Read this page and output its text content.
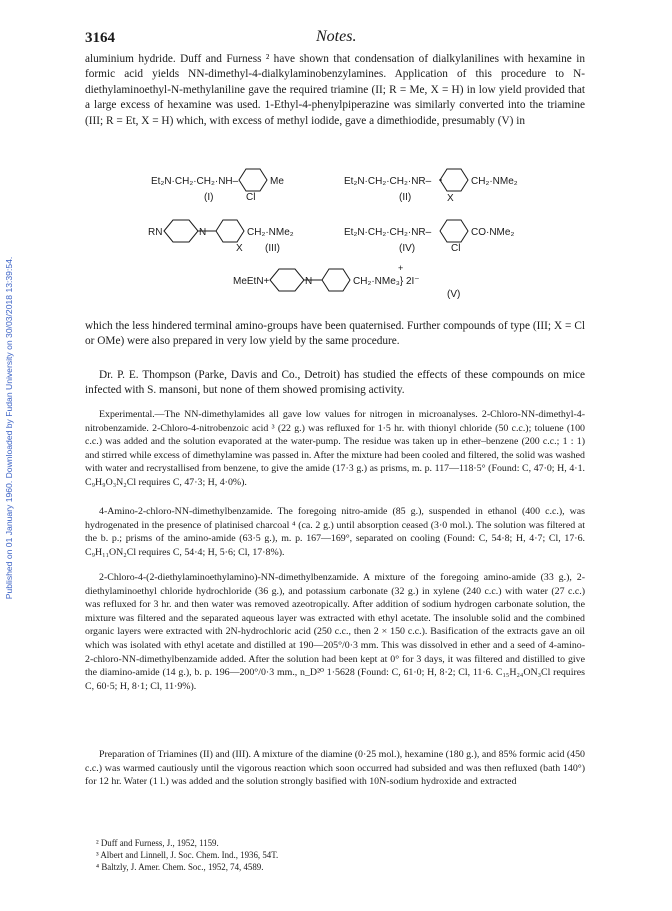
Published on 01 January 1960. Downloaded by Fudan University on 30/03/2018 13:39:54.
3164	Notes.

aluminium hydride. Duff and Furness ² have shown that condensation of dialkylanilines with hexamine in formic acid yields NN-dimethyl-4-dialkylaminobenzylamines. Application of this procedure to N-diethylaminoethyl-N-methylaniline gave the required triamine (II; R = Me, X = H) in low yield provided that a large excess of hexamine was used. 1-Ethyl-4-phenylpiperazine was similarly converted into the triamine (III; R = Et, X = H) which, with excess of methyl iodide, gave a dimethiodide, presumably (V) in

Et₂N·CH₂·CH₂·NH–	Me
Cl
(I)
Et₂N·CH₂·CH₂·NR–	CH₂·NMe₂
X
(II)
RN	N	CH₂·NMe₂
X (III)
Et₂N·CH₂·CH₂·NR–	CO·NMe₂
Cl
(IV)
MeEtN+	N	CH₂·NMe₃} 2I⁻
+
(V)

which the less hindered terminal amino-groups have been quaternised. Further compounds of type (III; X = Cl or OMe) were also prepared in very low yield by the same procedure.

Dr. P. E. Thompson (Parke, Davis and Co., Detroit) has studied the effects of these compounds on mice infected with S. mansoni, but none of them showed promising activity.

Experimental.—The NN-dimethylamides all gave low values for nitrogen in microanalyses. 2-Chloro-NN-dimethyl-4-nitrobenzamide. 2-Chloro-4-nitrobenzoic acid ³ (22 g.) was refluxed for 1·5 hr. with thionyl chloride (50 c.c.); toluene (100 c.c.) was added and the solution evaporated at the water-pump. The residue was taken up in ether–benzene (200 c.c.; 1 : 1) and stirred while excess of dimethylamine was passed in. After the mixture had been cooled and filtered, the solid was washed with water and recrystallised from benzene, to give the amide (17·3 g.) as prisms, m. p. 117—118·5° (Found: C, 47·0; H, 4·1. C₉H₉O₃N₂Cl requires C, 47·3; H, 4·0%).

4-Amino-2-chloro-NN-dimethylbenzamide. The foregoing nitro-amide (85 g.), suspended in ethanol (400 c.c.), was hydrogenated in the presence of platinised charcoal ⁴ (ca. 2 g.) until absorption ceased (3·0 mol.). The solution was filtered at the b. p.; prisms of the amino-amide (63·5 g.), m. p. 167—169°, separated on cooling (Found: C, 54·8; H, 4·7; Cl, 17·6. C₉H₁₁ON₂Cl requires C, 54·4; H, 5·6; Cl, 17·8%).

2-Chloro-4-(2-diethylaminoethylamino)-NN-dimethylbenzamide. A mixture of the foregoing amino-amide (33 g.), 2-diethylaminoethyl chloride hydrochloride (36 g.), and potassium carbonate (32 g.) in xylene (240 c.c.) with water (27 c.c.) was refluxed for 3 hr. and then water was removed azeotropically. After addition of sodium hydrogen carbonate solution, the mixture was filtered and the separated aqueous layer was extracted with ethyl acetate. The insoluble solid and the combined organic layers were extracted with 2N-hydrochloric acid (250 c.c., then 2 × 150 c.c.). Basification of the extracts gave an oil which was isolated with ethyl acetate and distilled at 190—205°/0·3 mm. This was dissolved in ether and a seed of 4-amino-2-chloro-NN-dimethylbenzamide added. After the solution had been kept at 0° for 3 days, it was filtered and distilled to give the diamino-amide (14 g.), b. p. 196—200°/0·3 mm., n_D²⁰ 1·5628 (Found: C, 61·0; H, 8·2; Cl, 11·6. C₁₅H₂₄ON₃Cl requires C, 60·5; H, 8·1; Cl, 11·9%).

Preparation of Triamines (II) and (III). A mixture of the diamine (0·25 mol.), hexamine (180 g.), and 85% formic acid (450 c.c.) was warmed cautiously until the vigorous reaction which soon occurred had subsided and was then refluxed (bath 140°) for 12 hr. Water (1 l.) was added and the solution strongly basified with 10N-sodium hydroxide and extracted

² Duff and Furness, J., 1952, 1159.
³ Albert and Linnell, J. Soc. Chem. Ind., 1936, 54T.
⁴ Baltzly, J. Amer. Chem. Soc., 1952, 74, 4589.
